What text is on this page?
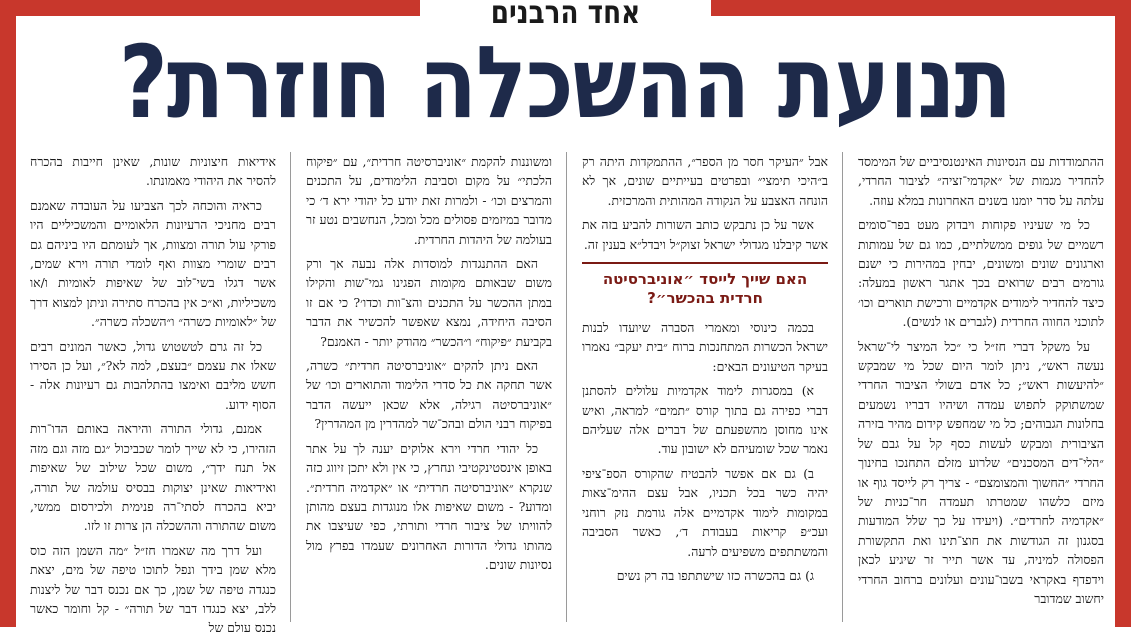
אחד הרבנים
תנועת ההשכלה חוזרת?

ההתמודדות עם הנסיונות האינטנסיביים של המימסד להחדיר מגמות של ״אקדמי־זציה״ לציבור החרדי, עלתה על סדר יומנו בשנים האחרונות במלא עוזה.

כל מי שעיניו פקוחות ויבדוק מעט בפר־סומים רשמיים של גופים ממשלתיים, כמו גם של עמותות וארגונים שונים ומשונים, יבחין במהירות כי ישנם גורמים רבים שרואים בכך אתגר ראשון במעלה: כיצד להחדיר לימודים אקדמיים ורכישת תוארים וכו׳ לתוכני החווה החרדית (לגברים או לנשים).

על משקל דברי חז״ל כי ״כל המיצר לי־שראל נעשה ראש״, ניתן לומר היום שכל מי שמבקש ״להיעשות ראש״; כל אדם בשולי הציבור החרדי שמשתוקק לתפוש עמדה ושיהיו דבריו נשמעים בחלונות הגבוהים; כל מי שמחפש קידום מהיר בזירה הציבורית ומבקש לעשות כסף קל על גבם של ״הלי־דים המסכנים״ שלרוע מזלם התחנכו בחינוך החרדי ״החשוך והמצומצם״ - צריך רק לייסד גוף או מיזם כלשהו שמטרתו תעמדה חר־כניות של ״אקדמיה לחרדים״. (ויעידו על כך שלל המודעות בסגנון זה הגודשות את חוצ־תינו ואת התקשורת הפסולה למיניה, עד אשר תייר זר שיגיע לכאן וידפדף באקראי בשבו־עונים ועלונים ברחוב החרדי יחשוב שמדובר

אבל ״העיקר חסר מן הספר״, ההתמקדות היתה רק ב״היכי תימצי״ ובפרטים בעייתיים שונים, אך לא הונחה האצבע על הנקודה המהותית והמרכזית.

אשר על כן נתבקש כותב השורות להביע בזה את אשר קיבלנו מגדולי ישראל זצוק״ל ויבדל״א בענין זה.

האם שייך לייסד ״אוניברסיטה חרדית בהכשר״?

בכמה כינוסי ומאמרי הסברה שיועדו לבנות ישראל הכשרות המתחנכות ברוח ״בית יעקב״ נאמרו בעיקר הטיעונים הבאים:

א) במסגרות לימוד אקדמיות עלולים להסתנן דברי כפירה גם בתוך קורס ״תמים״ למראה, ואיש אינו מחוסן מהשפעתם של דברים אלה שעליהם נאמר שכל שומעיהם לא ישובון עוד.

ב) גם אם אפשר להבטיח שהקורס הספ־ציפי יהיה כשר בכל תכניו, אבל עצם ההימ־צאות במקומות לימוד אקדמיים אלה גורמת נזק רוחני ועכ״פ קריאות בעבודת ד׳, כאשר הסביבה והמשתתפים משפיעים לרעה.

ג) גם בהכשרה כזו שישתתפו בה רק נשים

ומשוננות להקמת ״אוניברסיטה חרדית״, עם ״פיקוח הלכתי״ על מקום וסביבת הלימודים, על התכנים והמרצים וכו׳ - ולמרות זאת יודע כל יהודי ירא ד׳ כי מדובר במיזמים פסולים מכל ומכל, הנחשבים נטע זר בעולמה של היהדות החרדית.

האם ההתנגדות למוסדות אלה נבעה אך ורק משום שבאותם מקומות הפגינו גמי־שות והקילו במתן ההכשר על התכנים והצ־וות וכדו׳? כי אם זו הסיבה היחידה, נמצא שאפשר להכשיר את הדבר בקביעת ״פיקוח״ ו״הכשר״ מהודק יותר - האמנם?

האם ניתן להקים ״אוניברסיטה חרדית״ כשרה, אשר תחקה את כל סדרי הלימוד והתוארים וכו׳ של ״אוניברסיטה רגילה, אלא שכאן ייעשה הדבר בפיקוח רבני הולם ובהכ־שר למהדרין מן המהדרין?

כל יהודי חרדי וירא אלוקים יענה לך על אתר באופן אינסטינקטיבי ונחרץ, כי אין ולא יתכן זיווג כזה שנקרא ״אוניברסיטה חרדית״ או ״אקדמיה חרדית״. ומדוע? - משום שאיפות אלו מנוגדות בעצם מהותן להוויתו של ציבור חרדי ותורתי, כפי שעיצבו את מהותו גדולי הדורות האחרונים שעמדו בפרץ מול נסיונות שונים.

אידיאות חיצוניות שונות, שאינן חייבות בהכרח להסיר את היהודי מאמונתו.

כראיה והוכחה לכך הצביעו על העובדה שאמנם רבים מחניכי הרעיונות הלאומיים והמשכיליים היו פורקי עול תורה ומצוות, אך לעומתם היו ביניהם גם רבים שומרי מצוות ואף לומדי תורה וירא שמים, אשר דגלו בשי־לוב של שאיפות לאומיות ו/או משכיליות, וא״כ אין בהכרח סתירה וניתן למצוא דרך של ״לאומיות כשרה״ ו״השכלה כשרה״.

כל זה גרם לטשטוש גדול, כאשר המונים רבים שאלו את עצמם ״בעצם, למה לא?״, ועל כן הסירו חשש מליבם ואימצו בהתלהבות גם רעיונות אלה - הסוף ידוע.

אמנם, גדולי התורה והיראה באותם הדו־רות הזהירו, כי לא שייך לומר שכביכול ״גם מזה וגם מזה אל תנח ידך״, משום שכל שילוב של שאיפות ואידיאות שאינן יצוקות בבסיס עולמה של תורה, יביא בהכרח לסתי־רה פנימית ולכירסום ממשי, משום שהתורה וההשכלה הן צרות זו לזו.

ועל דרך מה שאמרו חז״ל ״מה השמן הזה כוס מלא שמן בידך ונפל לתוכו טיפה של מים, יצאת כנגדה טיפה של שמן, כך אם נכנס דבר של ליצנות ללב, יצא כנגדו דבר של תורה״ - קל וחומר כאשר נכנס עולם של
